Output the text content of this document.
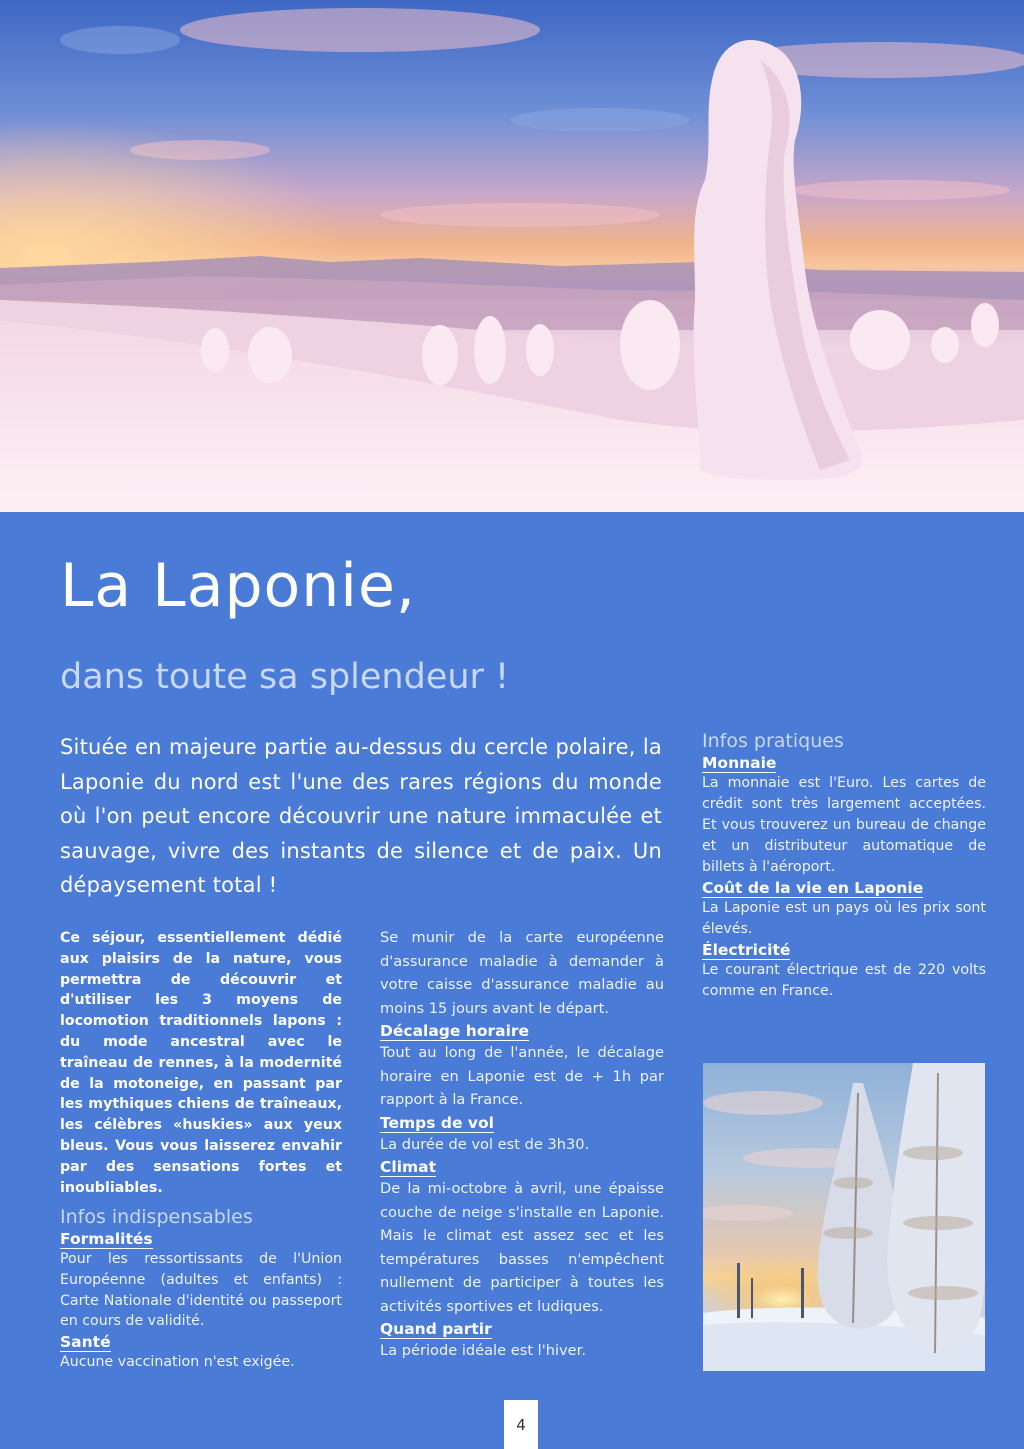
La Laponie,
dans toute sa splendeur !

Située en majeure partie au-dessus du cercle polaire, la Laponie du nord est l'une des rares régions du monde où l'on peut encore découvrir une nature immaculée et sauvage, vivre des instants de silence et de paix. Un dépaysement total !

Ce séjour, essentiellement dédié aux plaisirs de la nature, vous permettra de découvrir et d'utiliser les 3 moyens de locomotion traditionnels lapons : du mode ancestral avec le traîneau de rennes, à la modernité de la motoneige, en passant par les mythiques chiens de traîneaux, les célèbres «huskies» aux yeux bleus. Vous vous laisserez envahir par des sensations fortes et inoubliables.

Infos indispensables
Formalités

Pour les ressortissants de l'Union Européenne (adultes et enfants) : Carte Nationale d'identité ou passeport en cours de validité.

Santé

Aucune vaccination n'est exigée.

Se munir de la carte européenne d'assurance maladie à demander à votre caisse d'assurance maladie au moins 15 jours avant le départ.

Décalage horaire

Tout au long de l'année, le décalage horaire en Laponie est de + 1h par rapport à la France.

Temps de vol

La durée de vol est de 3h30.

Climat

De la mi-octobre à avril, une épaisse couche de neige s'installe en Laponie. Mais le climat est assez sec et les températures basses n'empêchent nullement de participer à toutes les activités sportives et ludiques.

Quand partir

La période idéale est l'hiver.

Infos pratiques
Monnaie

La monnaie est l'Euro. Les cartes de crédit sont très largement acceptées. Et vous trouverez un bureau de change et un distributeur automatique de billets à l'aéroport.

Coût de la vie en Laponie

La Laponie est un pays où les prix sont élevés.

Électricité

Le courant électrique est de 220 volts comme en France.

4
